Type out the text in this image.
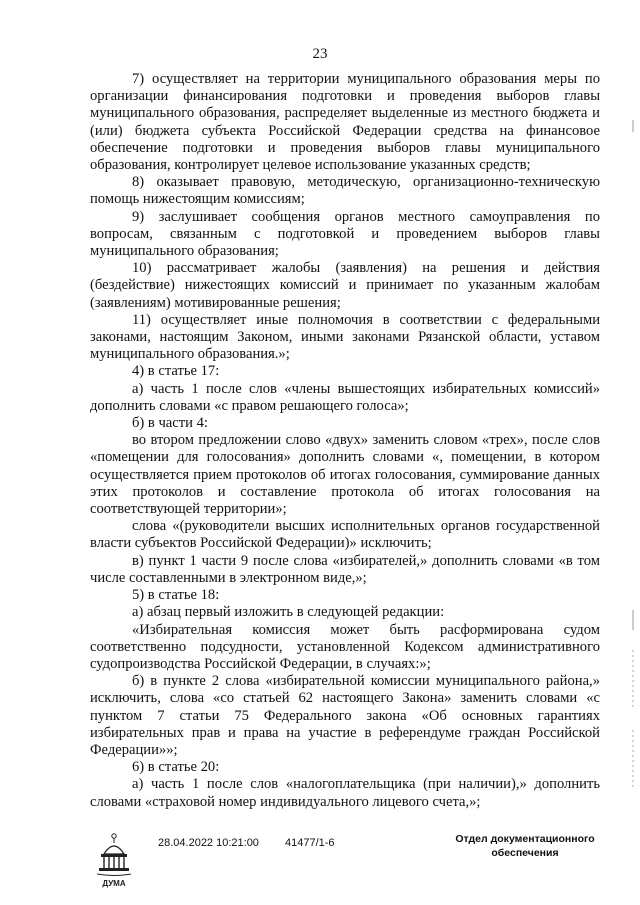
23

7) осуществляет на территории муниципального образования меры по организации финансирования подготовки и проведения выборов главы муниципального образования, распределяет выделенные из местного бюджета и (или) бюджета субъекта Российской Федерации средства на финансовое обеспечение подготовки и проведения выборов главы муниципального образования, контролирует целевое использование указанных средств;

8) оказывает правовую, методическую, организационно-техническую помощь нижестоящим комиссиям;

9) заслушивает сообщения органов местного самоуправления по вопросам, связанным с подготовкой и проведением выборов главы муниципального образования;

10) рассматривает жалобы (заявления) на решения и действия (бездействие) нижестоящих комиссий и принимает по указанным жалобам (заявлениям) мотивированные решения;

11) осуществляет иные полномочия в соответствии с федеральными законами, настоящим Законом, иными законами Рязанской области, уставом муниципального образования.»;

4) в статье 17:

а) часть 1 после слов «члены вышестоящих избирательных комиссий» дополнить словами «с правом решающего голоса»;

б) в части 4:

во втором предложении слово «двух» заменить словом «трех», после слов «помещении для голосования» дополнить словами «, помещении, в котором осуществляется прием протоколов об итогах голосования, суммирование данных этих протоколов и составление протокола об итогах голосования на соответствующей территории»;

слова «(руководители высших исполнительных органов государственной власти субъектов Российской Федерации)» исключить;

в) пункт 1 части 9 после слова «избирателей,» дополнить словами «в том числе составленными в электронном виде,»;

5) в статье 18:

а) абзац первый изложить в следующей редакции:

«Избирательная комиссия может быть расформирована судом соответственно подсудности, установленной Кодексом административного судопроизводства Российской Федерации, в случаях:»;

б) в пункте 2 слова «избирательной комиссии муниципального района,» исключить, слова «со статьей 62 настоящего Закона» заменить словами «с пунктом 7 статьи 75 Федерального закона «Об основных гарантиях избирательных прав и права на участие в референдуме граждан Российской Федерации»»;

6) в статье 20:

а) часть 1 после слов «налогоплательщика (при наличии),» дополнить словами «страховой номер индивидуального лицевого счета,»;

ДУМА
28.04.2022 10:21:00 41477/1-6	Отдел документационного
обеспечения
